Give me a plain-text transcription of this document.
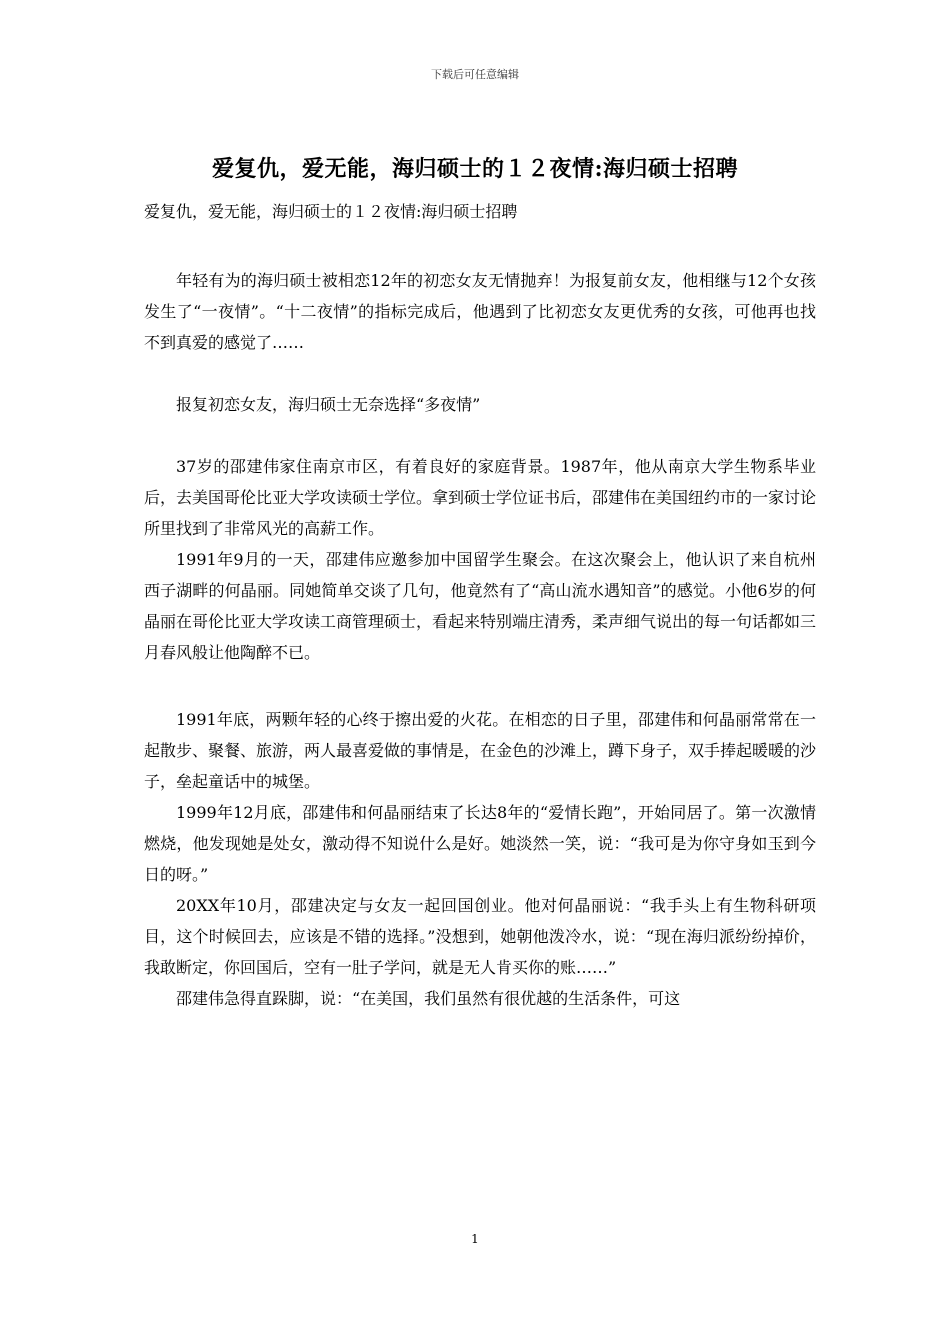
下载后可任意编辑
爱复仇，爱无能，海归硕士的１２夜情:海归硕士招聘
爱复仇，爱无能，海归硕士的１２夜情:海归硕士招聘

年轻有为的海归硕士被相恋12年的初恋女友无情抛弃！为报复前女友，他相继与12个女孩发生了“一夜情”。“十二夜情”的指标完成后，他遇到了比初恋女友更优秀的女孩，可他再也找不到真爱的感觉了……

报复初恋女友，海归硕士无奈选择“多夜情”

37岁的邵建伟家住南京市区，有着良好的家庭背景。1987年，他从南京大学生物系毕业后，去美国哥伦比亚大学攻读硕士学位。拿到硕士学位证书后，邵建伟在美国纽约市的一家讨论所里找到了非常风光的高薪工作。

1991年9月的一天，邵建伟应邀参加中国留学生聚会。在这次聚会上，他认识了来自杭州西子湖畔的何晶丽。同她简单交谈了几句，他竟然有了“高山流水遇知音”的感觉。小他6岁的何晶丽在哥伦比亚大学攻读工商管理硕士，看起来特别端庄清秀，柔声细气说出的每一句话都如三月春风般让他陶醉不已。

1991年底，两颗年轻的心终于擦出爱的火花。在相恋的日子里，邵建伟和何晶丽常常在一起散步、聚餐、旅游，两人最喜爱做的事情是，在金色的沙滩上，蹲下身子，双手捧起暖暖的沙子，垒起童话中的城堡。

1999年12月底，邵建伟和何晶丽结束了长达8年的“爱情长跑”，开始同居了。第一次激情燃烧，他发现她是处女，激动得不知说什么是好。她淡然一笑，说：“我可是为你守身如玉到今日的呀。”

20XX年10月，邵建决定与女友一起回国创业。他对何晶丽说：“我手头上有生物科研项目，这个时候回去，应该是不错的选择。”没想到，她朝他泼冷水，说：“现在海归派纷纷掉价，我敢断定，你回国后，空有一肚子学问，就是无人肯买你的账……”

邵建伟急得直跺脚，说：“在美国，我们虽然有很优越的生活条件，可这

1
